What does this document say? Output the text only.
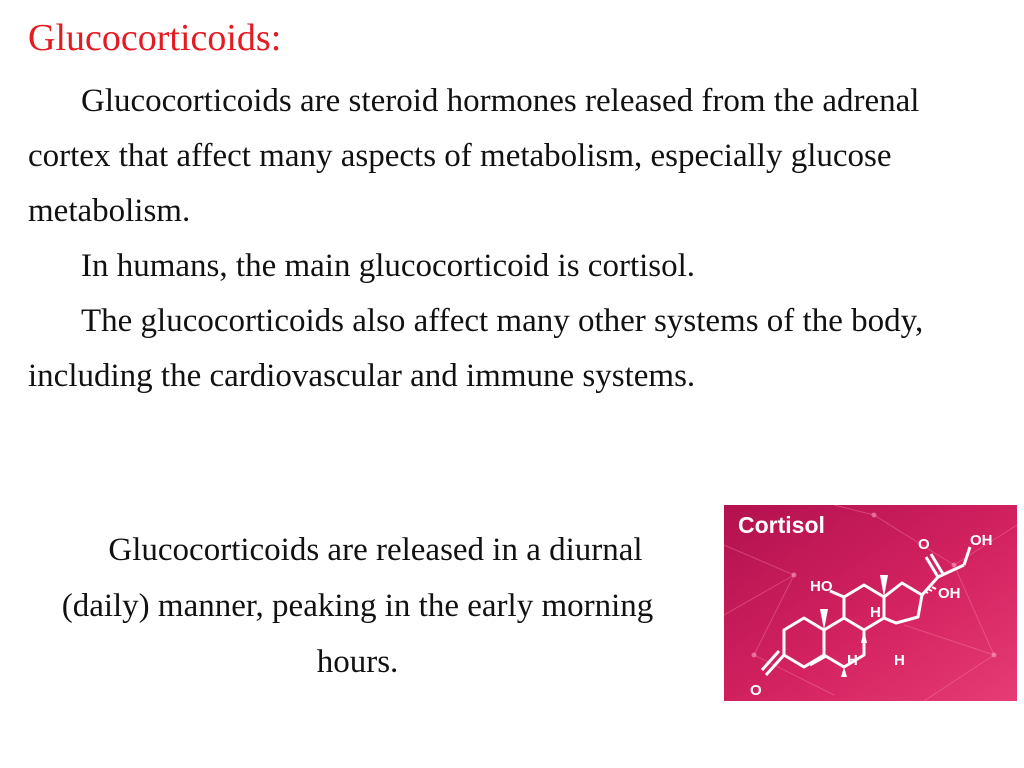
Glucocorticoids:

Glucocorticoids are steroid hormones released from the adrenal cortex that affect many aspects of metabolism, especially glucose metabolism.

In humans, the main glucocorticoid is cortisol.

The glucocorticoids also affect many other systems of the body, including the cardiovascular and immune systems.

Glucocorticoids are released in a diurnal (daily) manner, peaking in the early morning hours.
Cortisol
O	OH
HO	OH
H
H H
O
